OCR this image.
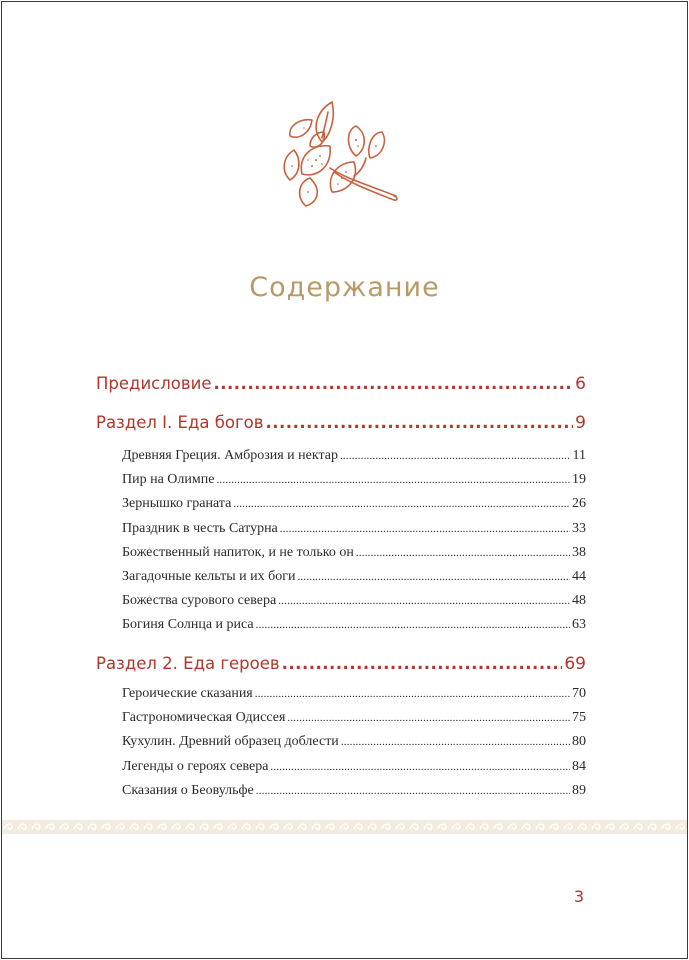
Содержание
Предисловие .....	6
Раздел I. Еда богов .....	9
Древняя Греция. Амброзия и нектар .....	11
Пир на Олимпе .....	19
Зернышко граната .....	26
Праздник в честь Сатурна .....	33
Божественный напиток, и не только он .....	38
Загадочные кельты и их боги .....	44
Божества сурового севера .....	48
Богиня Солнца и риса .....	63
Раздел 2. Еда героев .....	69
Героические сказания .....	70
Гастрономическая Одиссея .....	75
Кухулин. Древний образец доблести .....	80
Легенды о героях севера .....	84
Сказания о Беовульфе .....	89
3
